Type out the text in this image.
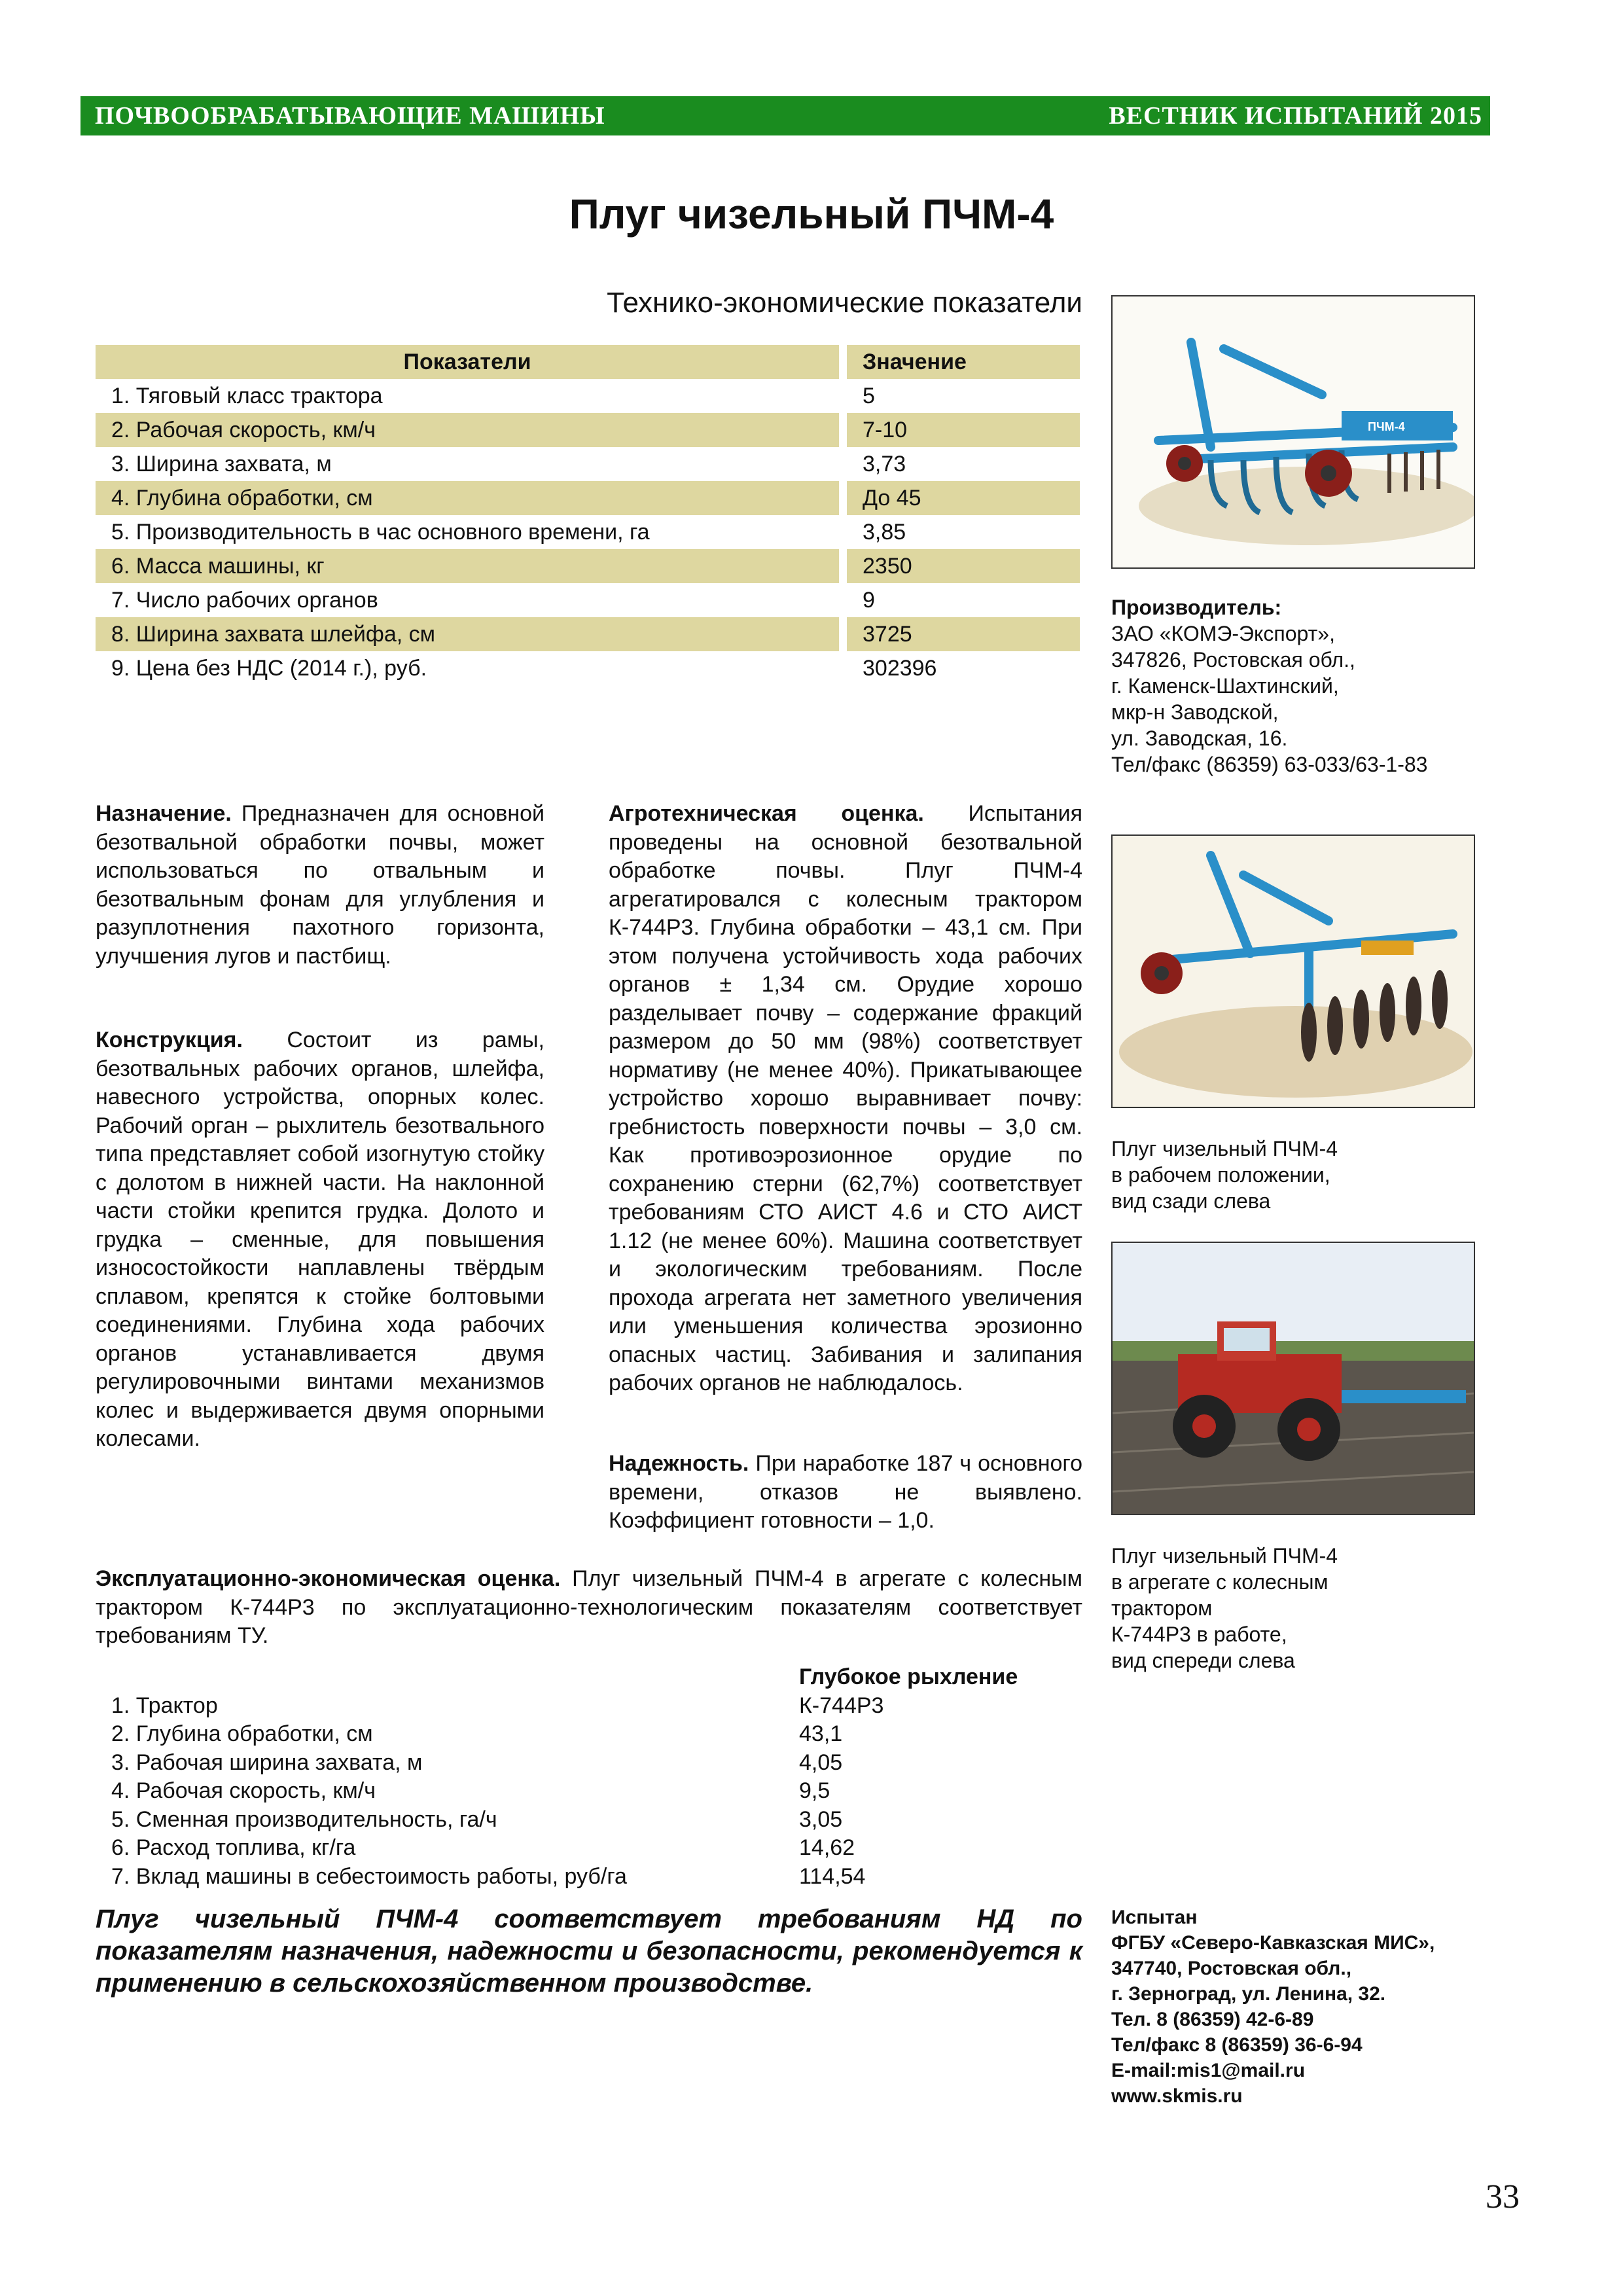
ПОЧВООБРАБАТЫВАЮЩИЕ МАШИНЫ	ВЕСТНИК ИСПЫТАНИЙ 2015
Плуг чизельный ПЧМ-4
Технико-экономические показатели
Показатели		Значение
1. Тяговый класс трактора		5
2. Рабочая скорость, км/ч		7-10
3. Ширина захвата, м		3,73
4. Глубина обработки, см		До 45
5. Производительность в час основного времени, га		3,85
6. Масса машины, кг		2350
7. Число рабочих органов		9
8. Ширина захвата шлейфа, см		3725
9. Цена без НДС (2014 г.), руб.		302396
ПЧМ-4
Производитель:
ЗАО «КОМЭ-Экспорт»,
347826, Ростовская обл.,
г. Каменск-Шахтинский,
мкр-н Заводской,
ул. Заводская, 16.
Тел/факс (86359) 63-033/63-1-83
Плуг чизельный ПЧМ-4
в рабочем положении,
вид сзади слева
Плуг чизельный ПЧМ-4
в агрегате с колесным
трактором
К-744Р3 в работе,
вид спереди слева
Назначение. Предназначен для основной безотвальной обработки почвы, может использоваться по отвальным и безотвальным фонам для углубления и разуплотнения пахотного горизонта, улучшения лугов и пастбищ.
Конструкция. Состоит из рамы, безотвальных рабочих органов, шлейфа, навесного устройства, опорных колес. Рабочий орган – рыхлитель безотвального типа представляет собой изогнутую стойку с долотом в нижней части. На наклонной части стойки крепится грудка. Долото и грудка – сменные, для повышения износостойкости наплавлены твёрдым сплавом, крепятся к стойке болтовыми соединениями. Глубина хода рабочих органов устанавливается двумя регулировочными винтами механизмов колес и выдерживается двумя опорными колесами.
Агротехническая оценка. Испытания проведены на основной безотвальной обработке почвы. Плуг ПЧМ-4 агрегатировался с колесным трактором К-744Р3. Глубина обработки – 43,1 см. При этом получена устойчивость хода рабочих органов ± 1,34 см. Орудие хорошо разделывает почву – содержание фракций размером до 50 мм (98%) соответствует нормативу (не менее 40%). Прикатывающее устройство хорошо выравнивает почву: гребнистость поверхности почвы – 3,0 см. Как противоэрозионное орудие по сохранению стерни (62,7%) соответствует требованиям СТО АИСТ 4.6 и СТО АИСТ 1.12 (не менее 60%). Машина соответствует и экологическим требованиям. После прохода агрегата нет заметного увеличения или уменьшения количества эрозионно опасных частиц. Забивания и залипания рабочих органов не наблюдалось.
Надежность. При наработке 187 ч основного времени, отказов не выявлено. Коэффициент готовности – 1,0.
Эксплуатационно-экономическая оценка. Плуг чизельный ПЧМ-4 в агрегате с колесным трактором К-744Р3 по эксплуатационно-технологическим показателям соответствует требованиям ТУ.
	Глубокое рыхление
1. Трактор	К-744Р3
2. Глубина обработки, см	43,1
3. Рабочая ширина захвата, м	4,05
4. Рабочая скорость, км/ч	9,5
5. Сменная производительность, га/ч	3,05
6. Расход топлива, кг/га	14,62
7. Вклад машины в себестоимость работы, руб/га	114,54
Плуг чизельный ПЧМ-4 соответствует требованиям НД по показателям назначения, надежности и безопасности, рекомендуется к применению в сельскохозяйственном производстве.
Испытан
ФГБУ «Северо-Кавказская МИС»,
347740, Ростовская обл.,
г. Зерноград, ул. Ленина, 32.
Тел. 8 (86359) 42-6-89
Тел/факс 8 (86359) 36-6-94
E-mail:mis1@mail.ru
www.skmis.ru
33
